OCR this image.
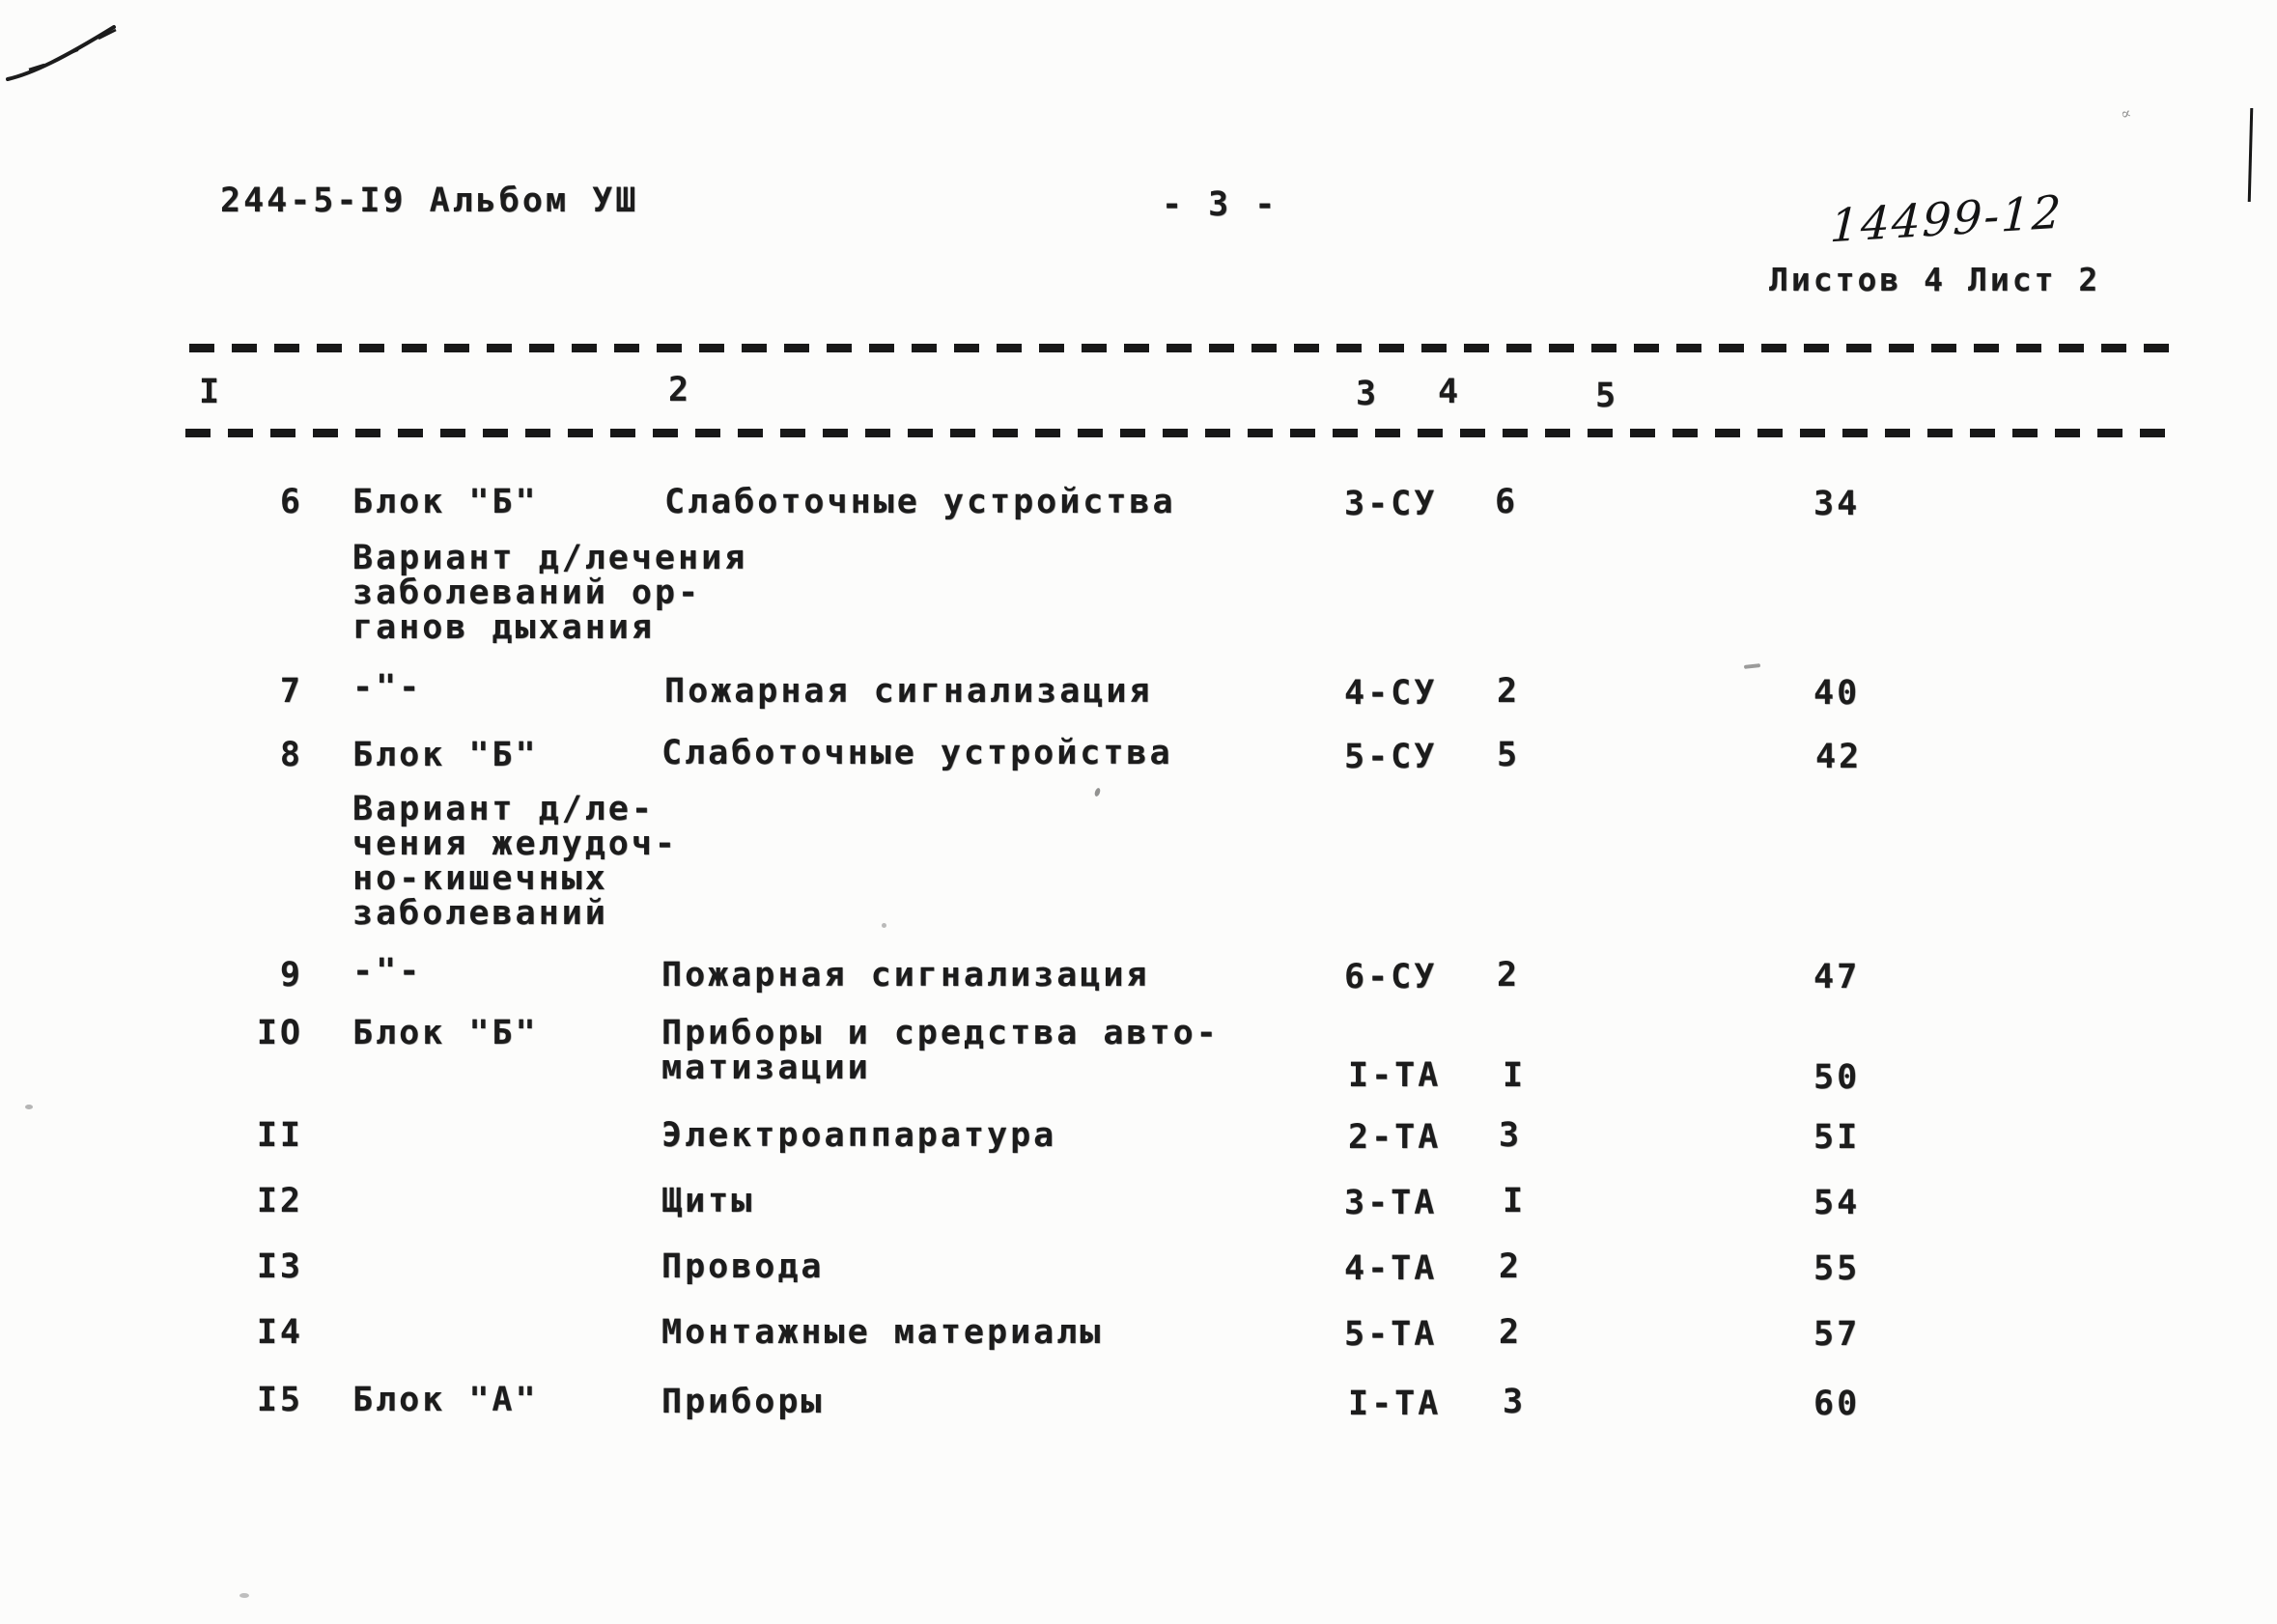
∝
244-5-I9 Альбом УШ	- 3 -	14499-12
Листов 4 Лист 2
I	2	3 4	5
6 Блок "Б"	Слаботочные устройства	3-СУ 6	34
Вариант д/лечения
заболеваний ор-
ганов дыхания
7 -"-	Пожарная сигнализация	4-СУ 2	40
8 Блок "Б"	Слаботочные устройства	5-СУ 5	42
Вариант д/ле-
чения желудоч-
но-кишечных
заболеваний
9 -"-	Пожарная сигнализация	6-СУ 2	47
IO Блок "Б"	Приборы и средства авто-
матизации	I-ТА I	50
II	Электроаппаратура	2-ТА 3	5I
I2	Щиты	3-ТА I	54
I3	Провода	4-ТА 2	55
I4	Монтажные материалы	5-ТА 2	57
I5 Блок "А"	Приборы	I-ТА 3	60
